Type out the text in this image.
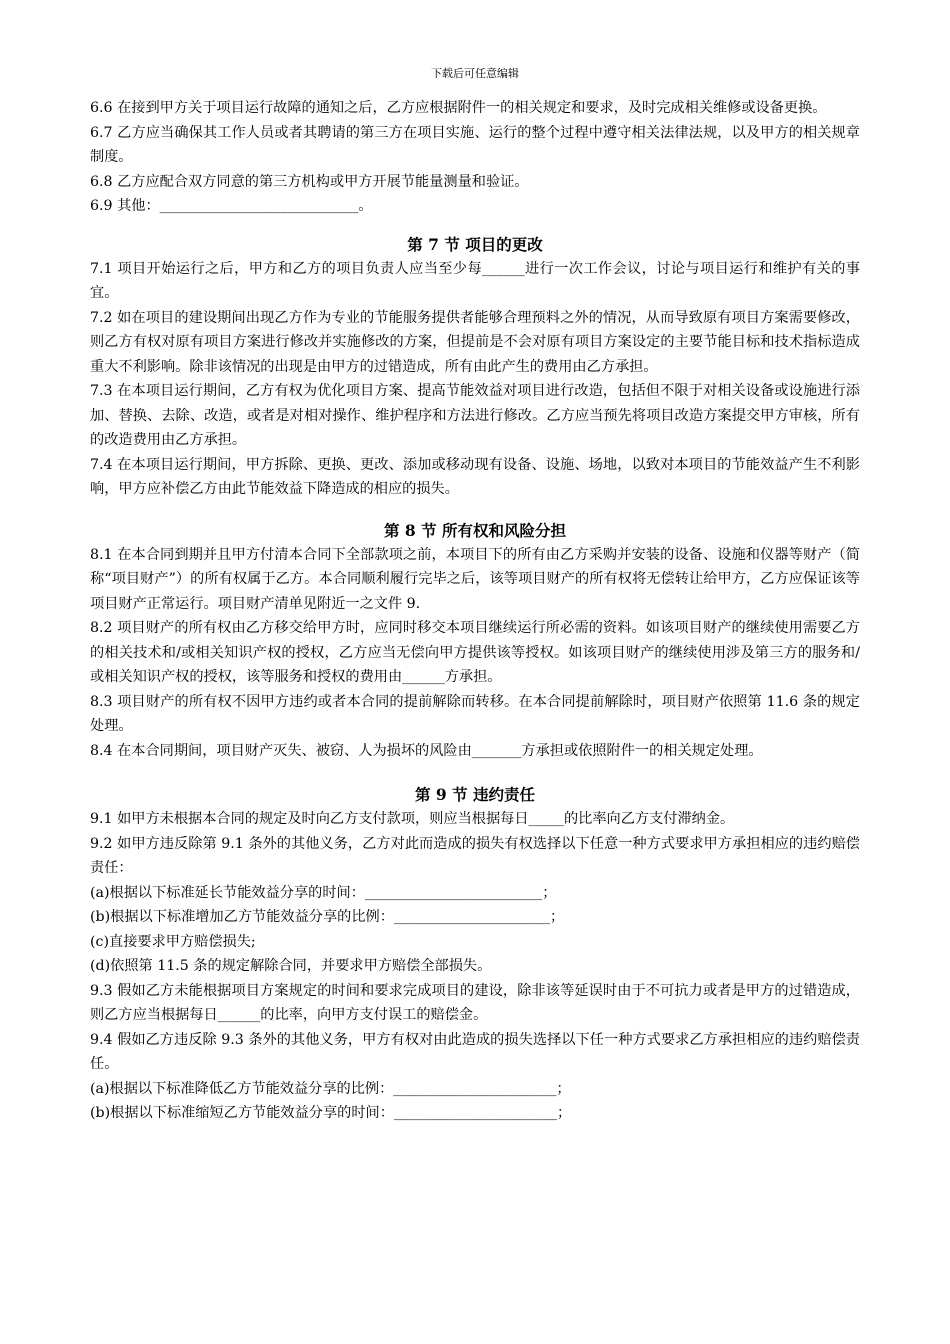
下载后可任意编辑

6.6 在接到甲方关于项目运行故障的通知之后，乙方应根据附件一的相关规定和要求，及时完成相关维修或设备更换。

6.7 乙方应当确保其工作人员或者其聘请的第三方在项目实施、运行的整个过程中遵守相关法律法规，以及甲方的相关规章制度。

6.8 乙方应配合双方同意的第三方机构或甲方开展节能量测量和验证。

6.9 其他：____________________________。

第 7 节 项目的更改

7.1 项目开始运行之后，甲方和乙方的项目负责人应当至少每______进行一次工作会议，讨论与项目运行和维护有关的事宜。

7.2 如在项目的建设期间出现乙方作为专业的节能服务提供者能够合理预料之外的情况，从而导致原有项目方案需要修改，则乙方有权对原有项目方案进行修改并实施修改的方案，但提前是不会对原有项目方案设定的主要节能目标和技术指标造成重大不利影响。除非该情况的出现是由甲方的过错造成，所有由此产生的费用由乙方承担。

7.3 在本项目运行期间，乙方有权为优化项目方案、提高节能效益对项目进行改造，包括但不限于对相关设备或设施进行添加、替换、去除、改造，或者是对相对操作、维护程序和方法进行修改。乙方应当预先将项目改造方案提交甲方审核，所有的改造费用由乙方承担。

7.4 在本项目运行期间，甲方拆除、更换、更改、添加或移动现有设备、设施、场地，以致对本项目的节能效益产生不利影响，甲方应补偿乙方由此节能效益下降造成的相应的损失。

第 8 节 所有权和风险分担

8.1 在本合同到期并且甲方付清本合同下全部款项之前，本项目下的所有由乙方采购并安装的设备、设施和仪器等财产（简称“项目财产”）的所有权属于乙方。本合同顺利履行完毕之后，该等项目财产的所有权将无偿转让给甲方，乙方应保证该等项目财产正常运行。项目财产清单见附近一之文件 9.

8.2 项目财产的所有权由乙方移交给甲方时，应同时移交本项目继续运行所必需的资料。如该项目财产的继续使用需要乙方的相关技术和/或相关知识产权的授权，乙方应当无偿向甲方提供该等授权。如该项目财产的继续使用涉及第三方的服务和/或相关知识产权的授权，该等服务和授权的费用由______方承担。

8.3 项目财产的所有权不因甲方违约或者本合同的提前解除而转移。在本合同提前解除时，项目财产依照第 11.6 条的规定处理。

8.4 在本合同期间，项目财产灭失、被窃、人为损坏的风险由_______方承担或依照附件一的相关规定处理。

第 9 节 违约责任

9.1 如甲方未根据本合同的规定及时向乙方支付款项，则应当根据每日_____的比率向乙方支付滞纳金。

9.2 如甲方违反除第 9.1 条外的其他义务，乙方对此而造成的损失有权选择以下任意一种方式要求甲方承担相应的违约赔偿责任：

(a)根据以下标准延长节能效益分享的时间：_________________________；

(b)根据以下标准增加乙方节能效益分享的比例：______________________；

(c)直接要求甲方赔偿损失;

(d)依照第 11.5 条的规定解除合同，并要求甲方赔偿全部损失。

9.3 假如乙方未能根据项目方案规定的时间和要求完成项目的建设，除非该等延误时由于不可抗力或者是甲方的过错造成，则乙方应当根据每日______的比率，向甲方支付误工的赔偿金。

9.4 假如乙方违反除 9.3 条外的其他义务，甲方有权对由此造成的损失选择以下任一种方式要求乙方承担相应的违约赔偿责任。

(a)根据以下标准降低乙方节能效益分享的比例：_______________________；

(b)根据以下标准缩短乙方节能效益分享的时间：_______________________；
